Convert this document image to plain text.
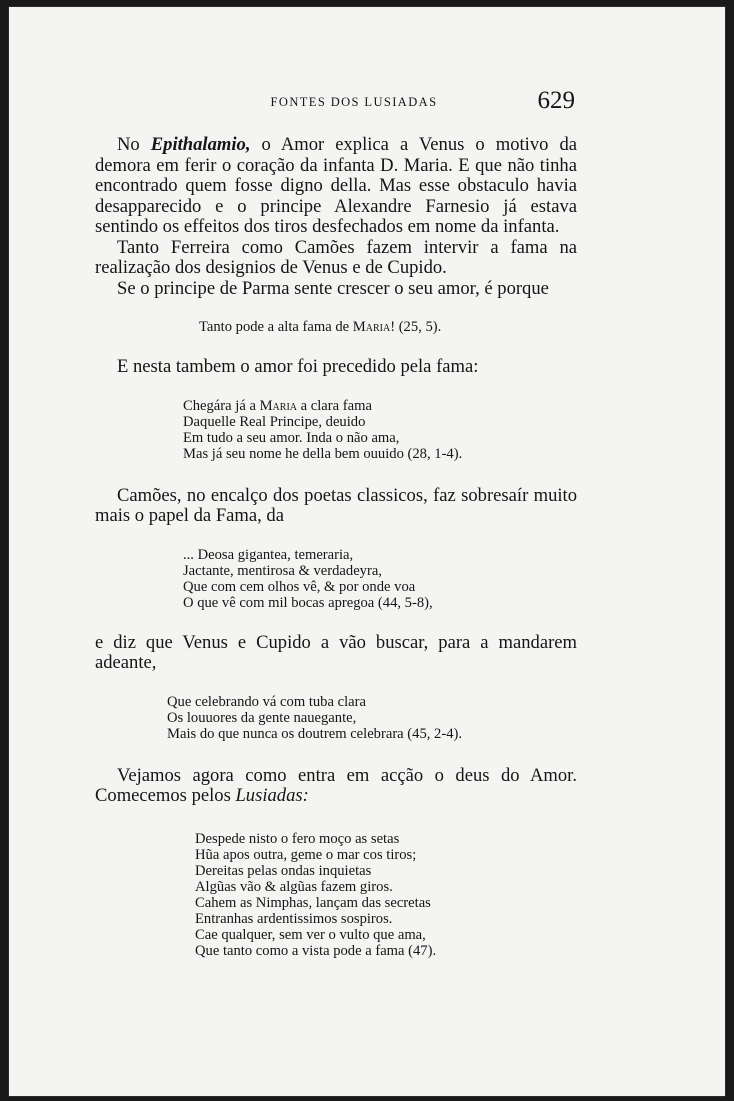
FONTES DOS LUSIADAS	629

No Epithalamio, o Amor explica a Venus o motivo da demora em ferir o coração da infanta D. Maria. E que não tinha encontrado quem fosse digno della. Mas esse obstaculo havia desapparecido e o principe Alexandre Farnesio já estava sentindo os effeitos dos tiros desfechados em nome da infanta.

Tanto Ferreira como Camões fazem intervir a fama na realização dos designios de Venus e de Cupido.

Se o principe de Parma sente crescer o seu amor, é porque

Tanto pode a alta fama de Maria! (25, 5).

E nesta tambem o amor foi precedido pela fama:

Chegára já a Maria a clara fama
Daquelle Real Principe, deuido
Em tudo a seu amor. Inda o não ama,
Mas já seu nome he della bem ouuido (28, 1-4).

Camões, no encalço dos poetas classicos, faz sobresaír muito mais o papel da Fama, da

... Deosa gigantea, temeraria,
Jactante, mentirosa & verdadeyra,
Que com cem olhos vê, & por onde voa
O que vê com mil bocas apregoa (44, 5-8),

e diz que Venus e Cupido a vão buscar, para a mandarem adeante,

Que celebrando vá com tuba clara
Os louuores da gente nauegante,
Mais do que nunca os doutrem celebrara (45, 2-4).

Vejamos agora como entra em acção o deus do Amor. Comecemos pelos Lusiadas:

Despede nisto o fero moço as setas
Hũa apos outra, geme o mar cos tiros;
Dereitas pelas ondas inquietas
Algũas vão & algũas fazem giros.
Cahem as Nimphas, lançam das secretas
Entranhas ardentissimos sospiros.
Cae qualquer, sem ver o vulto que ama,
Que tanto como a vista pode a fama (47).
